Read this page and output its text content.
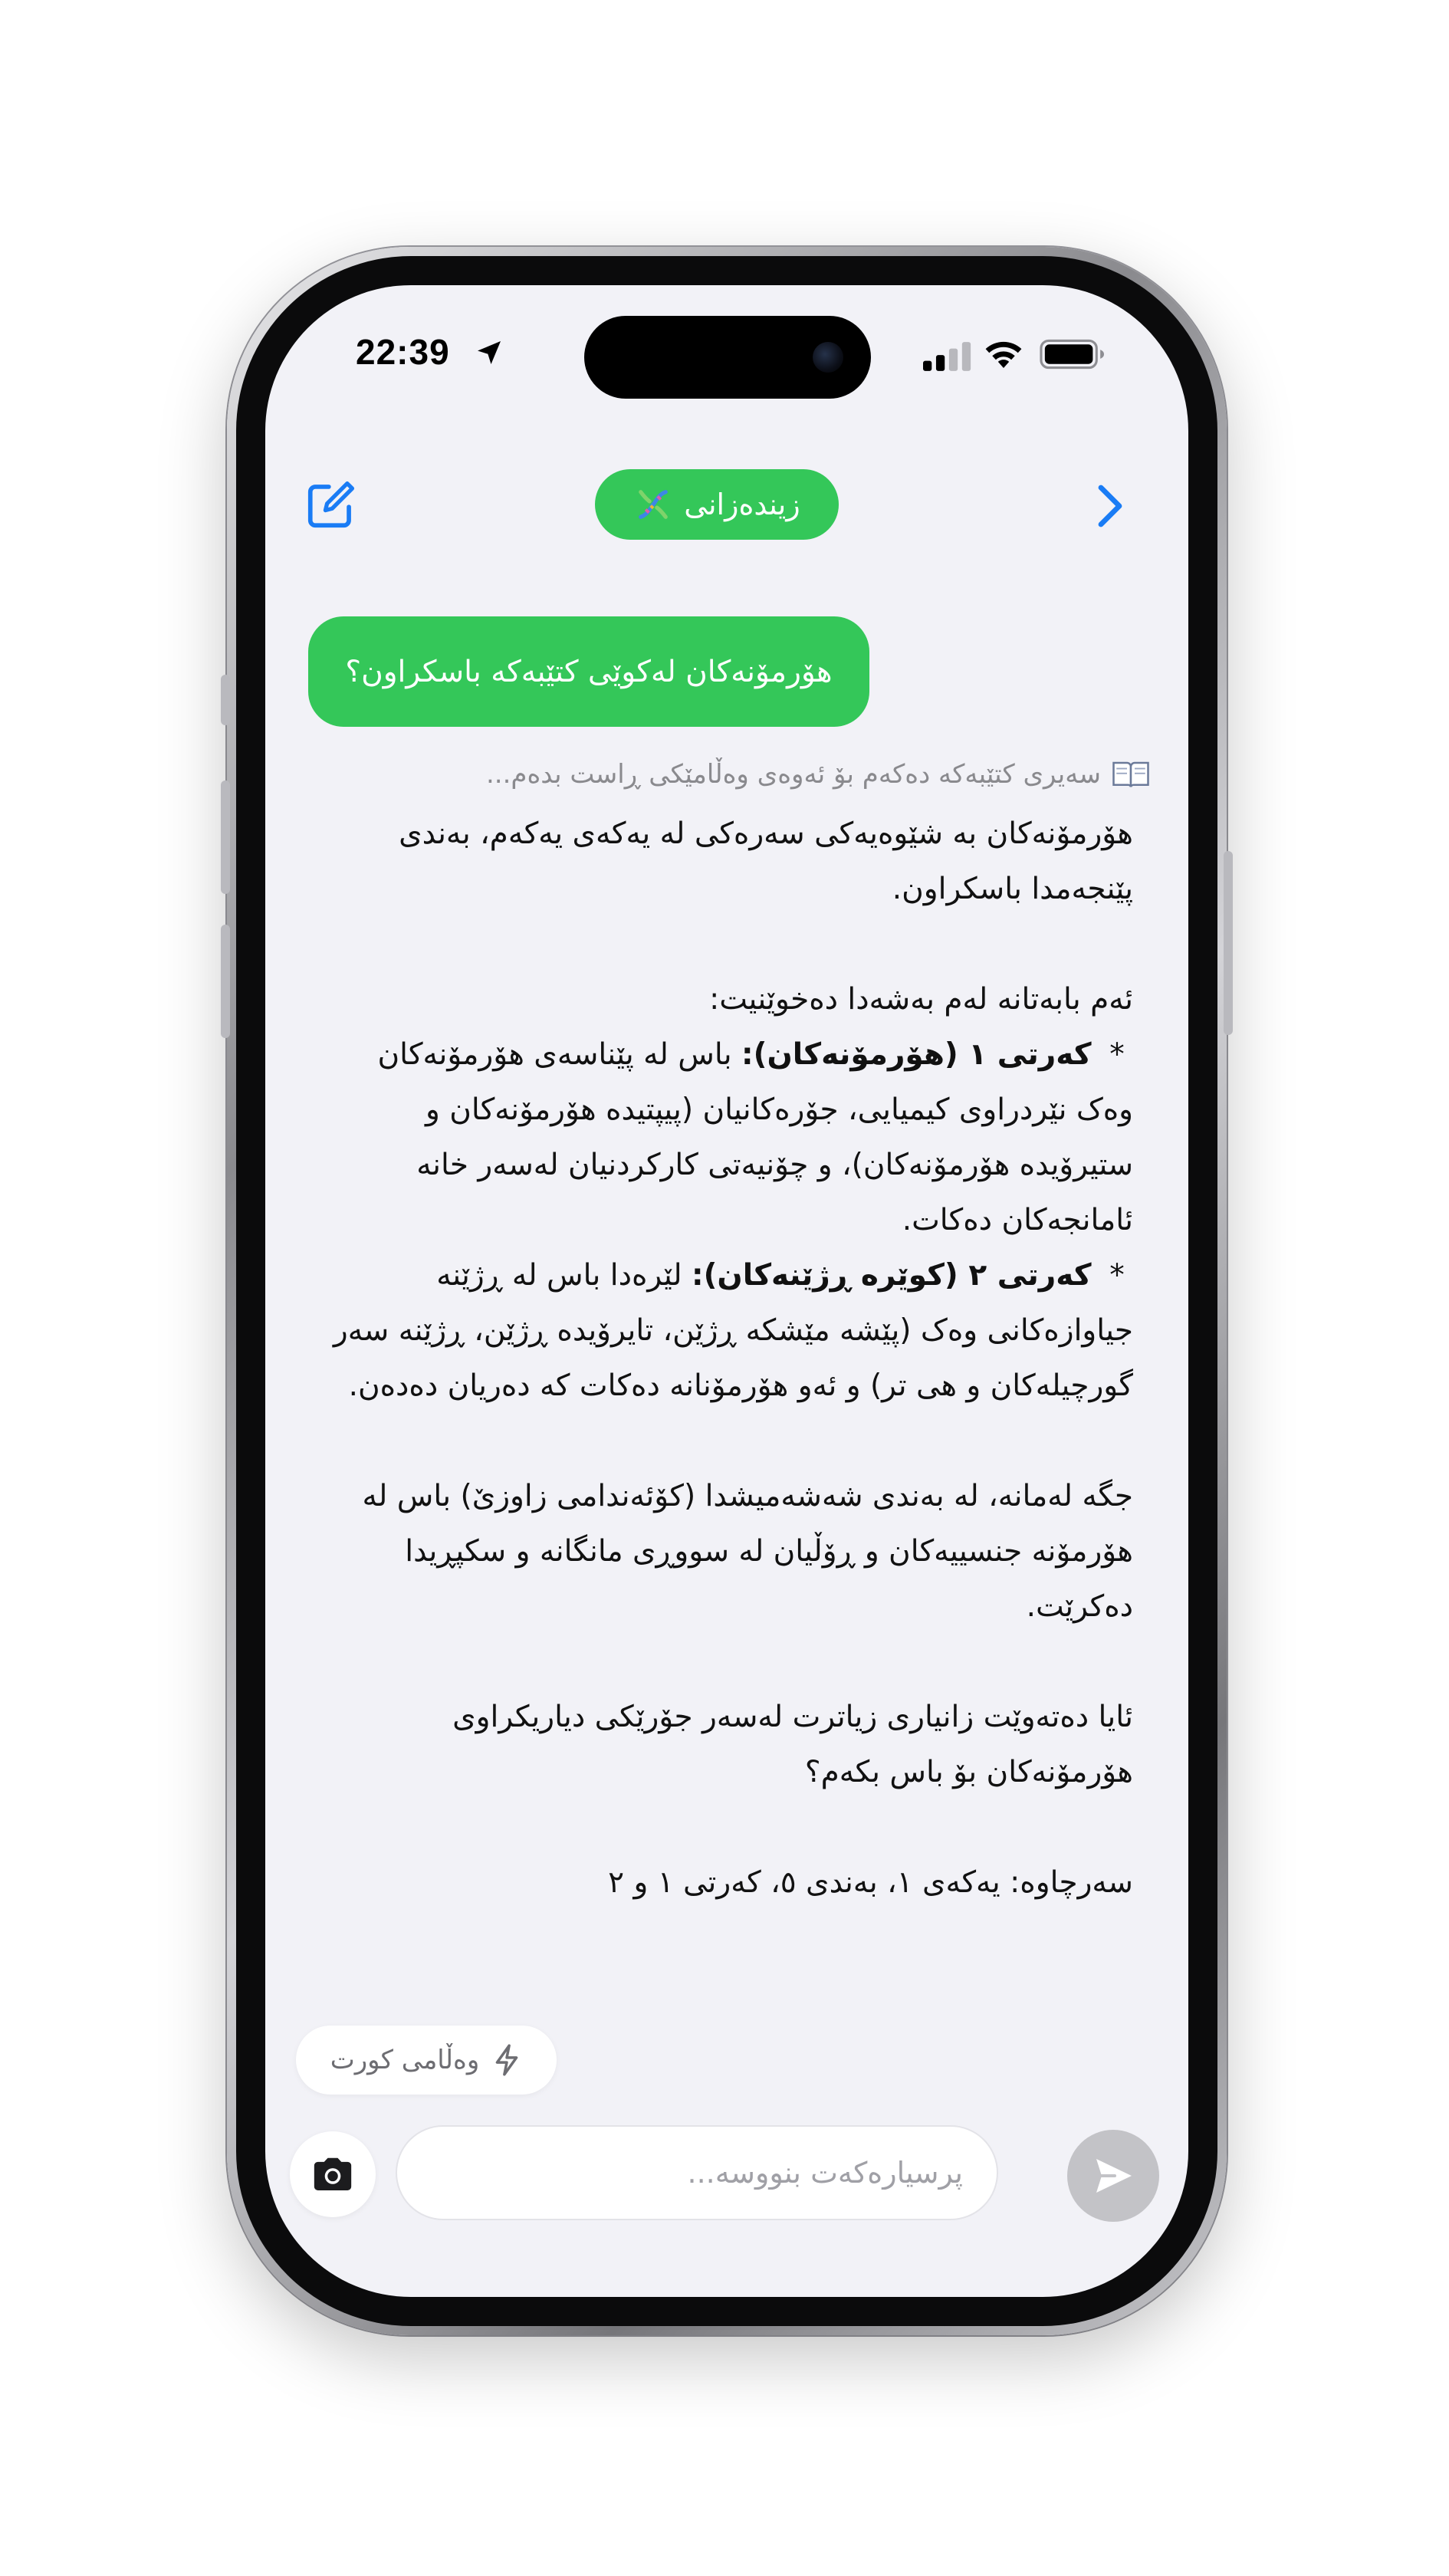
22:39
زیندەزانی
هۆرمۆنەکان لەکوێی کتێبەکە باسکراون؟
سەیری کتێبەکە دەکەم بۆ ئەوەی وەڵامێکی ڕاست بدەم...

هۆرمۆنەکان بە شێوەیەکی سەرەکی لە یەکەی یەکەم، بەندی پێنجەمدا باسکراون.

ئەم بابەتانە لەم بەشەدا دەخوێنیت:

* کەرتی ١ (هۆرمۆنەکان): باس لە پێناسەی هۆرمۆنەکان وەک نێردراوی کیمیایی، جۆرەکانیان (پیپتیدە هۆرمۆنەکان و ستیرۆیدە هۆرمۆنەکان)، و چۆنیەتی کارکردنیان لەسەر خانە ئامانجەکان دەکات.

* کەرتی ٢ (کوێرە ڕژێنەکان): لێرەدا باس لە ڕژێنە جیاوازەکانی وەک (پێشە مێشکە ڕژێن، تایرۆیدە ڕژێن، ڕژێنە سەر گورچیلەکان و هی تر) و ئەو هۆرمۆنانە دەکات کە دەریان دەدەن.

جگە لەمانە، لە بەندی شەشەمیشدا (کۆئەندامی زاوزێ) باس لە هۆرمۆنە جنسییەکان و ڕۆڵیان لە سووڕی مانگانە و سکپڕیدا دەکرێت.

ئایا دەتەوێت زانیاری زیاترت لەسەر جۆرێکی دیاریکراوی هۆرمۆنەکان بۆ باس بکەم؟

سەرچاوە: یەکەی ١، بەندی ٥، کەرتی ١ و ٢

وەڵامی کورت
پرسیارەکەت بنووسە...
